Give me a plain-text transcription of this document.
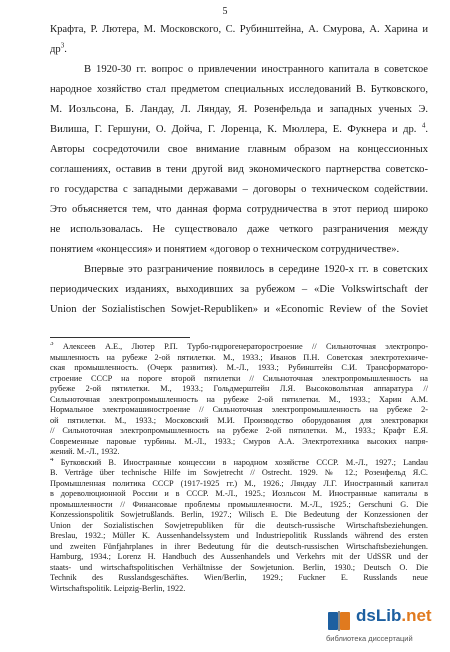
5
Крафта, Р. Лютера, М. Московского, С. Рубинштейна, А. Смурова, А. Харина и
$др^3$.
В 1920-30 гг. вопрос о привлечении иностранного капитала в советское
народное хозяйство стал предметом специальных исследований В. Бутковского,
М. Иозльсона, Б. Ландау, Л. Ляндау, Я. Розенфельда и западных ученых Э.
Вилиша, Г. Гершуни, О. Дойча, Г. Лоренца, К. Мюллера, Е. Фукнера и др. $^4$.
Авторы сосредоточили свое внимание главным образом на концессионных
соглашениях, оставив в тени другой вид экономического партнерства советско-
го государства с западными державами – договоры о техническом содействии.
Это объясняется тем, что данная форма сотрудничества в этот период широко
не использовалась. Не существовало даже четкого разграничения между
понятием «концессия» и понятием «договор о техническом сотрудничестве».
Впервые это разграничение появилось в середине 1920-х гг. в советских
периодических изданиях, выходивших за рубежом – «Die Volkswirtschaft der
Union der Sozialistischen Sowjet-Republiken» и «Economic Review of the Soviet
$^3$ Алексеев А.Е., Лютер Р.П. Турбо-гидрогенераторостроение // Сильноточная электропро-
мышленность на рубеже 2-ой пятилетки. М., 1933.; Иванов П.Н. Советская электротехниче-
ская промышленность. (Очерк развития). М.-Л., 1933.; Рубинштейн С.И. Трансформаторо-
строение СССР на пороге второй пятилетки // Сильноточная электропромышленность на
рубеже 2-ой пятилетки. М., 1933.; Гольдмерштейн Л.Я. Высоковольтная аппаратура //
Сильноточная электропромышленность на рубеже 2-ой пятилетки. М., 1933.; Харин А.М.
Нормальное электромашиностроение // Сильноточная электропромышленность на рубеже 2-
ой пятилетки. М., 1933.; Московский М.И. Производство оборудования для электроварки
// Сильноточная электропромышленность на рубеже 2-ой пятилетки. М., 1933.; Крафт Е.Я.
Современные паровые турбины. М.-Л., 1933.; Смуров А.А. Электротехника высоких напря-
жений. М.-Л., 1932.
$^4$ Бутковский В. Иностранные концессии в народном хозяйстве СССР. М.-Л., 1927.; Landau
B. Verträge über technische Hilfe im Sowjetrecht // Ostrecht. 1929. № 12.; Розенфельд Я.С.
Промышленная политика СССР (1917-1925 гг.) М., 1926.; Ляндау Л.Г. Иностранный капитал
в дореволюционной России и в СССР. М.-Л., 1925.; Иозльсон М. Иностранные капиталы в
промышленности // Финансовые проблемы промышленности. М.-Л., 1925.; Gerschuni G. Die
Konzessionspolitik Sowjetrußlands. Berlin, 1927.; Wilisch E. Die Bedeutung der Konzessionen der
Union der Sozialistischen Sowjetrepubliken für die deutsch-russische Wirtschaftsbeziehungen.
Breslau, 1932.; Müller K. Aussenhandelssystem und Industriepolitik Russlands während des ersten
und zweiten Fünfjahrplanes in ihrer Bedeutung für die deutsch-russischen Wirtschaftsbeziehungen.
Hamburg, 1934.; Lorenz H. Handbuch des Aussenhandels und Verkehrs mit der UdSSR und der
staats- und wirtschaftspolitischen Verhältnisse der Sowjetunion. Berlin, 1930.; Deutsch O. Die
Technik des Russlandsgeschäftes. Wien/Berlin, 1929.; Fuckner E. Russlands neue
Wirtschaftspolitik. Leipzig-Berlin, 1922.
dsLib.net
библиотека диссертаций
